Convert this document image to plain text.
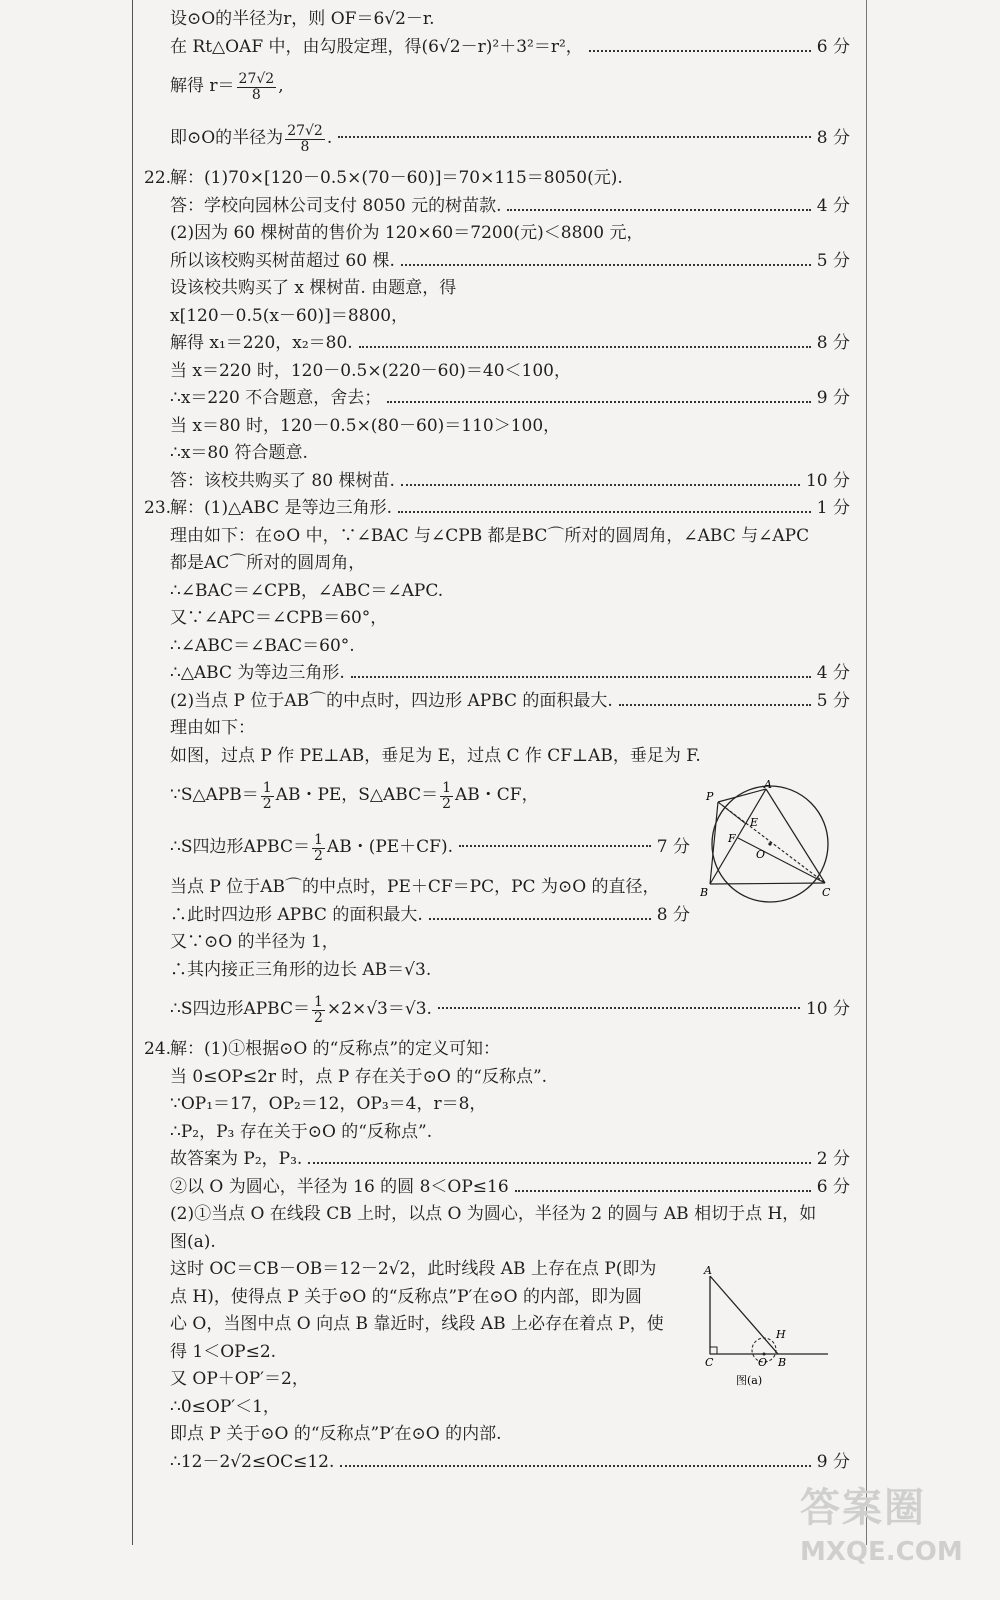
设⊙O的半径为r，则 OF＝6√2－r.
在 Rt△OAF 中，由勾股定理，得(6√2－r)²＋3²＝r²，	6 分
解得 $r= \frac{27√2}{8}$ ,
即⊙O的半径为 $\frac{27√2}{8}$ .	8 分
22.
解：(1)70×[120－0.5×(70－60)]＝70×115＝8050(元).
答：学校向园林公司支付 8050 元的树苗款.	4 分
(2)因为 60 棵树苗的售价为 120×60＝7200(元)＜8800 元，
所以该校购买树苗超过 60 棵.	5 分
设该校共购买了 x 棵树苗. 由题意，得
x[120－0.5(x－60)]＝8800，
解得 x₁＝220，x₂＝80.	8 分
当 x＝220 时，120－0.5×(220－60)＝40＜100，
∴x＝220 不合题意，舍去；	9 分
当 x＝80 时，120－0.5×(80－60)＝110＞100，
∴x＝80 符合题意.
答：该校共购买了 80 棵树苗.	10 分
23.
解：(1)△ABC 是等边三角形.	1 分
理由如下：在⊙O 中，∵∠BAC 与∠CPB 都是BC⌒所对的圆周角，∠ABC 与∠APC
都是AC⌒所对的圆周角，
∴∠BAC＝∠CPB，∠ABC＝∠APC.
又∵∠APC＝∠CPB＝60°，
∴∠ABC＝∠BAC＝60°.
∴△ABC 为等边三角形.	4 分
(2)当点 P 位于AB⌒的中点时，四边形 APBC 的面积最大.	5 分
理由如下：
如图，过点 P 作 PE⊥AB，垂足为 E，过点 C 作 CF⊥AB，垂足为 F.
∵S△APB＝ $\frac{1}{2}$ AB・PE，S△ABC＝ $\frac{1}{2}$ AB・CF，
∴S四边形APBC＝ $\frac{1}{2}$ AB・(PE＋CF).	7 分
当点 P 位于AB⌒的中点时，PE＋CF＝PC，PC 为⊙O 的直径，
∴此时四边形 APBC 的面积最大.	8 分
又∵⊙O 的半径为 1，
∴其内接正三角形的边长 AB＝√3.
∴S四边形APBC＝ $\frac{1}{2} \times 2\times√3=√3$.	10 分
24.
解：(1)①根据⊙O 的“反称点”的定义可知：
当 0≤OP≤2r 时，点 P 存在关于⊙O 的“反称点”.
∵OP₁＝17，OP₂＝12，OP₃＝4，r＝8，
∴P₂，P₃ 存在关于⊙O 的“反称点”.
故答案为 P₂，P₃.	2 分
②以 O 为圆心，半径为 16 的圆 8＜OP≤16	6 分
(2)①当点 O 在线段 CB 上时，以点 O 为圆心，半径为 2 的圆与 AB 相切于点 H，如
图(a).
这时 OC＝CB－OB＝12－2√2，此时线段 AB 上存在点 P(即为
点 H)，使得点 P 关于⊙O 的“反称点”P′在⊙O 的内部，即为圆
心 O，当图中点 O 向点 B 靠近时，线段 AB 上必存在着点 P，使
得 1＜OP≤2.
又 OP＋OP′＝2，
∴0≤OP′＜1，
即点 P 关于⊙O 的“反称点”P′在⊙O 的内部.
∴12－2√2≤OC≤12.	9 分
P
A
E
F
O
B	C
A
H
C	O B
图(a)
答案圈
MXQE.COM
